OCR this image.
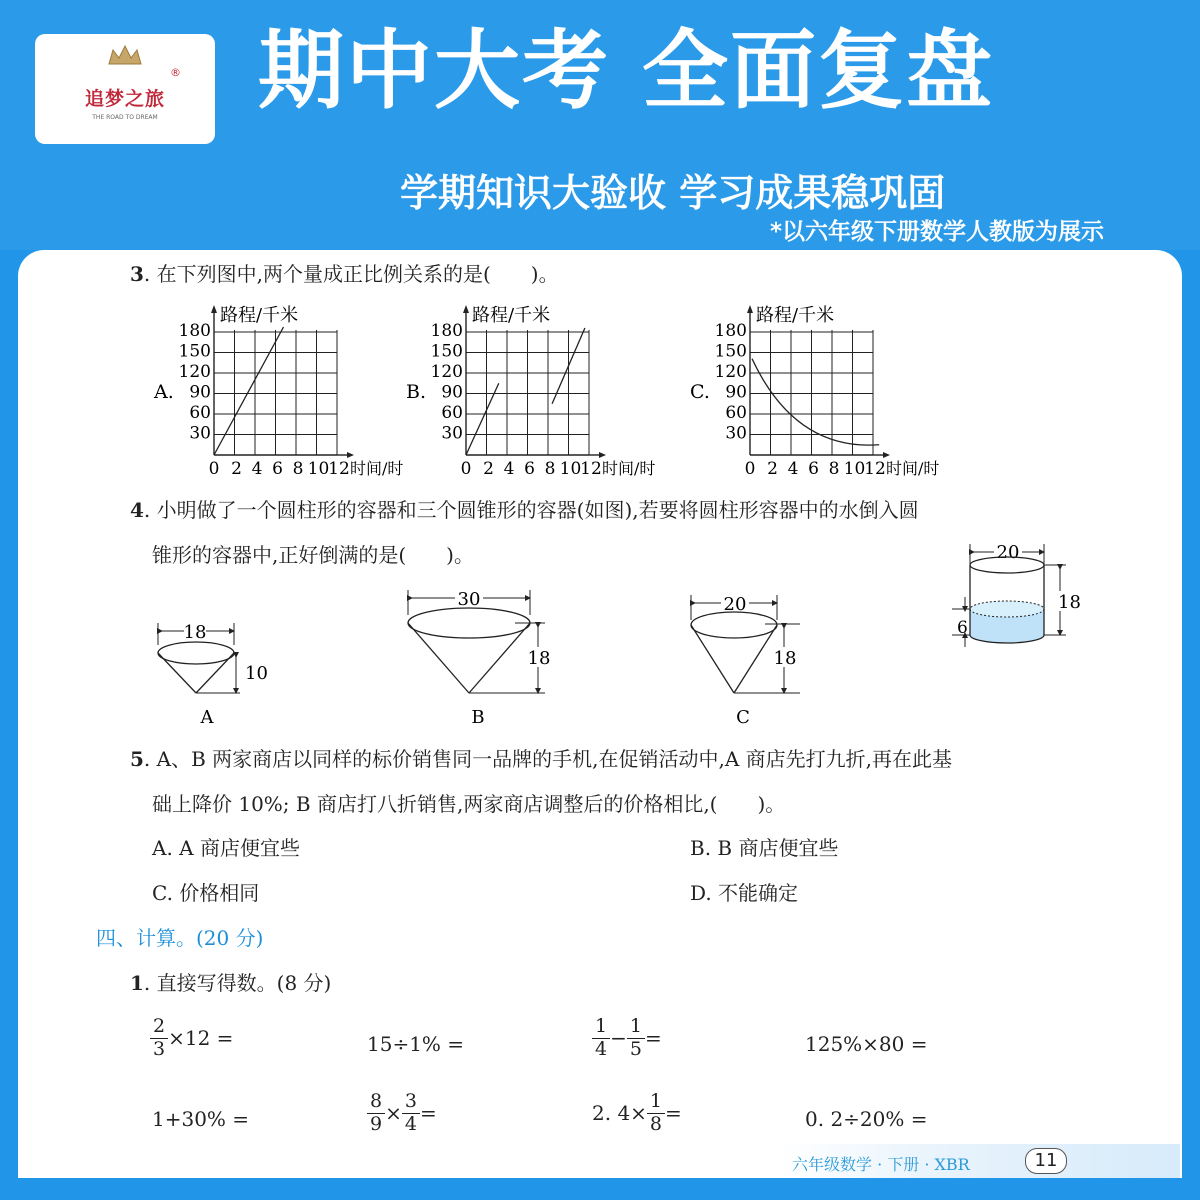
追梦之旅
THE ROAD TO DREAM
® 期中大考 全面复盘
学期知识大验收 学习成果稳巩固
*以六年级下册数学人教版为展示
3. 在下列图中,两个量成正比例关系的是(　　)。
A.
路程/千米
180
150
120
90
60
30
0 2 4 6 8 10
12 时间/时
B.
路程/千米
180
150
120
90
60
30
0 2 4 6 8 10
12 时间/时
C.
路程/千米
180
150
120
90
60
30
0 2 4 6 8 10
12 时间/时
4. 小明做了一个圆柱形的容器和三个圆锥形的容器(如图),若要将圆柱形容器中的水倒入圆
锥形的容器中,正好倒满的是(　　)。
18
10
A
30
18
B
20
18
C
20
18
6
5. A、B 两家商店以同样的标价销售同一品牌的手机,在促销活动中,A 商店先打九折,再在此基
础上降价 10%; B 商店打八折销售,两家商店调整后的价格相比,(　　)。
A. A 商店便宜些	B. B 商店便宜些
C. 价格相同	D. 不能确定
四、计算。(20 分)
1. 直接写得数。(8 分)
$\frac{2}{3} \times 12$ =	15÷1% =	$\frac{1}{4} - \frac{1}{5}$ =	125%×80 =
1+30% =	$\frac{8}{9} \times \frac{3}{4}$ =	2. $4\times \frac{1}{8}$ =	0. 2÷20% =
六年级数学 · 下册 · XBR	11
